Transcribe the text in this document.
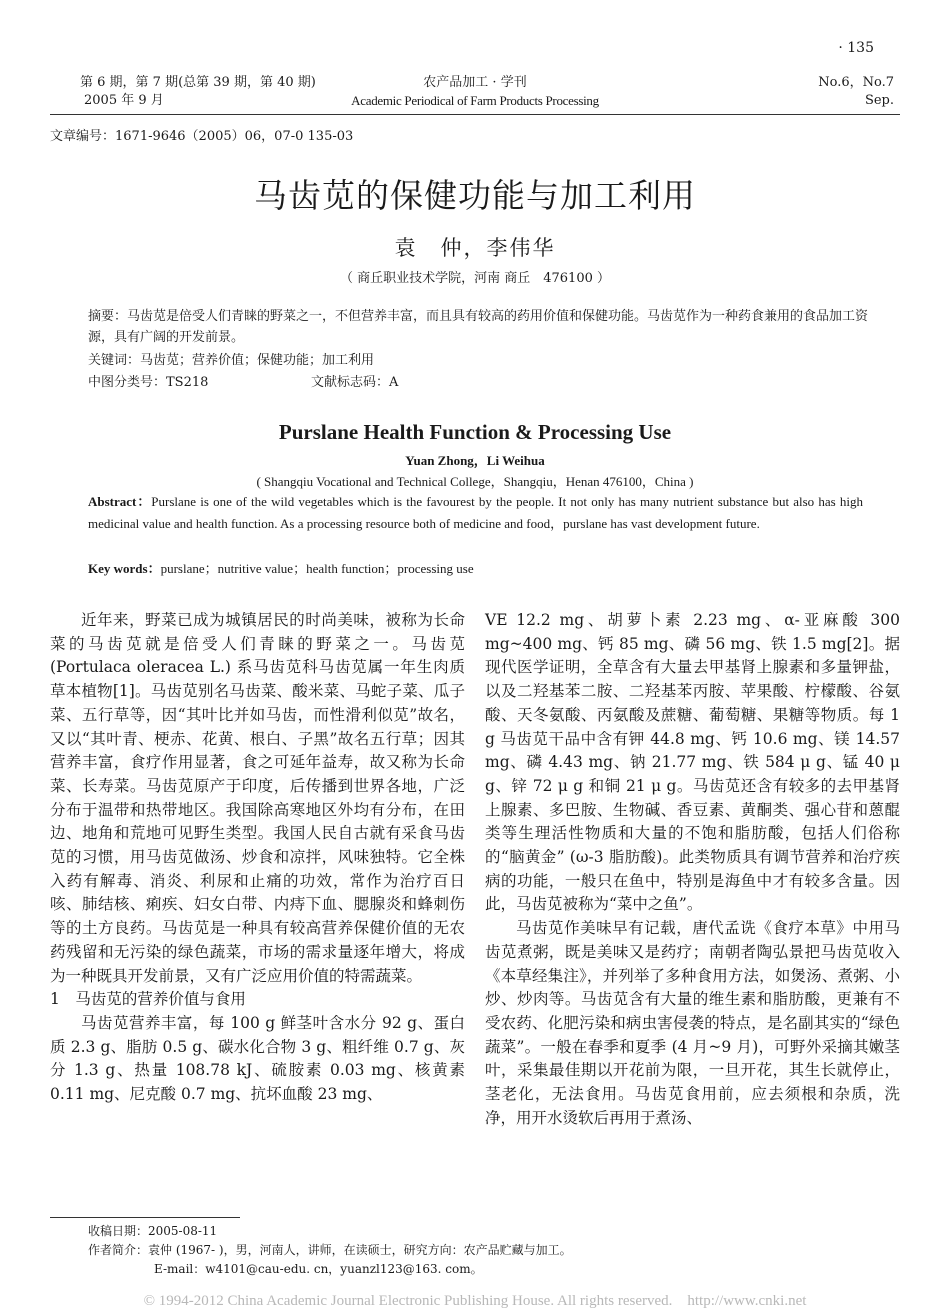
· 135
第 6 期，第 7 期(总第 39 期，第 40 期)
2005 年 9 月
农产品加工 · 学刊
Academic Periodical of Farm Products Processing
No.6，No.7
Sep.
文章编号：1671-9646（2005）06，07-0 135-03
马齿苋的保健功能与加工利用
袁　仲，李伟华
（ 商丘职业技术学院，河南 商丘　476100 ）
摘要：马齿苋是倍受人们青睐的野菜之一，不但营养丰富，而且具有较高的药用价值和保健功能。马齿苋作为一种药食兼用的食品加工资源，具有广阔的开发前景。
关键词：马齿苋；营养价值；保健功能；加工利用
中图分类号：TS218	文献标志码：A
Purslane Health Function & Processing Use
Yuan Zhong，Li Weihua
( Shangqiu Vocational and Technical College，Shangqiu，Henan 476100，China )
Abstract：Purslane is one of the wild vegetables which is the favourest by the people. It not only has many nutrient substance but also has high medicinal value and health function. As a processing resource both of medicine and food，purslane has vast development future.
Key words：purslane；nutritive value；health function；processing use

近年来，野菜已成为城镇居民的时尚美味，被称为长命菜的马齿苋就是倍受人们青睐的野菜之一。马齿苋 (Portulaca oleracea L.) 系马齿苋科马齿苋属一年生肉质草本植物[1]。马齿苋别名马齿菜、酸米菜、马蛇子菜、瓜子菜、五行草等，因“其叶比并如马齿，而性滑利似苋”故名，又以“其叶青、梗赤、花黄、根白、子黑”故名五行草；因其营养丰富，食疗作用显著，食之可延年益寿，故又称为长命菜、长寿菜。马齿苋原产于印度，后传播到世界各地，广泛分布于温带和热带地区。我国除高寒地区外均有分布，在田边、地角和荒地可见野生类型。我国人民自古就有采食马齿苋的习惯，用马齿苋做汤、炒食和凉拌，风味独特。它全株入药有解毒、消炎、利尿和止痛的功效，常作为治疗百日咳、肺结核、痢疾、妇女白带、内痔下血、腮腺炎和蜂刺伤等的土方良药。马齿苋是一种具有较高营养保健价值的无农药残留和无污染的绿色蔬菜，市场的需求量逐年增大，将成为一种既具开发前景，又有广泛应用价值的特需蔬菜。

1　马齿苋的营养价值与食用

马齿苋营养丰富，每 100 g 鲜茎叶含水分 92 g、蛋白质 2.3 g、脂肪 0.5 g、碳水化合物 3 g、粗纤维 0.7 g、灰分 1.3 g、热量 108.78 kJ、硫胺素 0.03 mg、核黄素 0.11 mg、尼克酸 0.7 mg、抗坏血酸 23 mg、

VE 12.2 mg、胡萝卜素 2.23 mg、α-亚麻酸 300 mg~400 mg、钙 85 mg、磷 56 mg、铁 1.5 mg[2]。据现代医学证明，全草含有大量去甲基肾上腺素和多量钾盐，以及二羟基苯二胺、二羟基苯丙胺、苹果酸、柠檬酸、谷氨酸、天冬氨酸、丙氨酸及蔗糖、葡萄糖、果糖等物质。每 1 g 马齿苋干品中含有钾 44.8 mg、钙 10.6 mg、镁 14.57 mg、磷 4.43 mg、钠 21.77 mg、铁 584 μ g、锰 40 μ g、锌 72 μ g 和铜 21 μ g。马齿苋还含有较多的去甲基肾上腺素、多巴胺、生物碱、香豆素、黄酮类、强心苷和蒽醌类等生理活性物质和大量的不饱和脂肪酸，包括人们俗称的“脑黄金” (ω-3 脂肪酸)。此类物质具有调节营养和治疗疾病的功能，一般只在鱼中，特别是海鱼中才有较多含量。因此，马齿苋被称为“菜中之鱼”。

马齿苋作美味早有记载，唐代孟诜《食疗本草》中用马齿苋煮粥，既是美味又是药疗；南朝者陶弘景把马齿苋收入《本草经集注》，并列举了多种食用方法，如煲汤、煮粥、小炒、炒肉等。马齿苋含有大量的维生素和脂肪酸，更兼有不受农药、化肥污染和病虫害侵袭的特点，是名副其实的“绿色蔬菜”。一般在春季和夏季 (4 月~9 月)，可野外采摘其嫩茎叶，采集最佳期以开花前为限，一旦开花，其生长就停止，茎老化，无法食用。马齿苋食用前，应去须根和杂质，洗净，用开水烫软后再用于煮汤、

收稿日期：2005-08-11
作者简介：袁仲 (1967- )，男，河南人，讲师，在读硕士，研究方向：农产品贮藏与加工。
E-mail：w4101@cau-edu. cn，yuanzl123@163. com。
© 1994-2012 China Academic Journal Electronic Publishing House. All rights reserved.　http://www.cnki.net
